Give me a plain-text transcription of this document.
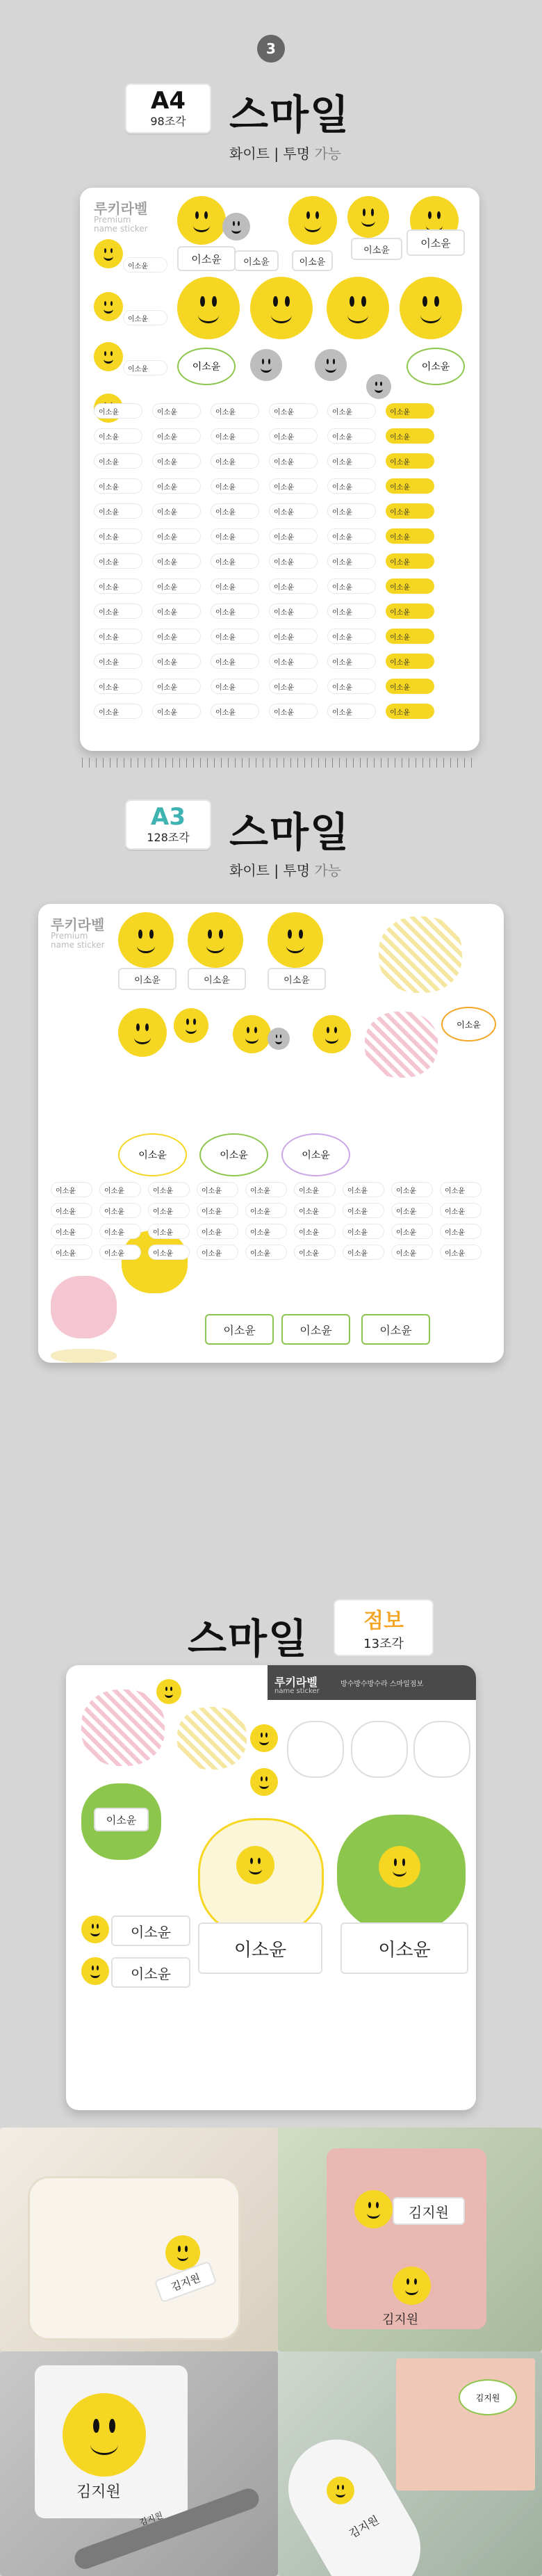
3
A4
98조각 스마일
화이트 | 투명 가능
루키라벨
Premium
name sticker
이소윤	이소윤	이소윤
이소윤
이소윤
이소윤
이소윤
이소윤	이소윤	이소윤
이소윤	이소윤	이소윤	이소윤	이소윤	이소윤
이소윤	이소윤	이소윤	이소윤	이소윤	이소윤
이소윤	이소윤	이소윤	이소윤	이소윤	이소윤
이소윤	이소윤	이소윤	이소윤	이소윤	이소윤
이소윤	이소윤	이소윤	이소윤	이소윤	이소윤
이소윤	이소윤	이소윤	이소윤	이소윤	이소윤
이소윤	이소윤	이소윤	이소윤	이소윤	이소윤
이소윤	이소윤	이소윤	이소윤	이소윤	이소윤
이소윤	이소윤	이소윤	이소윤	이소윤	이소윤
이소윤	이소윤	이소윤	이소윤	이소윤	이소윤
이소윤	이소윤	이소윤	이소윤	이소윤	이소윤
이소윤	이소윤	이소윤	이소윤	이소윤	이소윤
이소윤	이소윤	이소윤	이소윤	이소윤	이소윤
A3
128조각 스마일
화이트 | 투명 가능
루키라벨
Premium
name sticker
이소윤	이소윤	이소윤
이소윤
이소윤	이소윤	이소윤
이소윤	이소윤	이소윤
이소윤	이소윤	이소윤	이소윤	이소윤	이소윤	이소윤	이소윤	이소윤
이소윤	이소윤	이소윤	이소윤	이소윤	이소윤	이소윤	이소윤	이소윤
이소윤	이소윤	이소윤	이소윤	이소윤	이소윤	이소윤	이소윤	이소윤
이소윤	이소윤	이소윤	이소윤	이소윤	이소윤	이소윤	이소윤	이소윤
스마일	점보
13조각
루키라벨
name sticker
방수방수방수라 스마일점보
이소윤
이소윤
이소윤
이소윤	이소윤
김지원
김지원
김지원
김지원
김지원
김지원
김지원
